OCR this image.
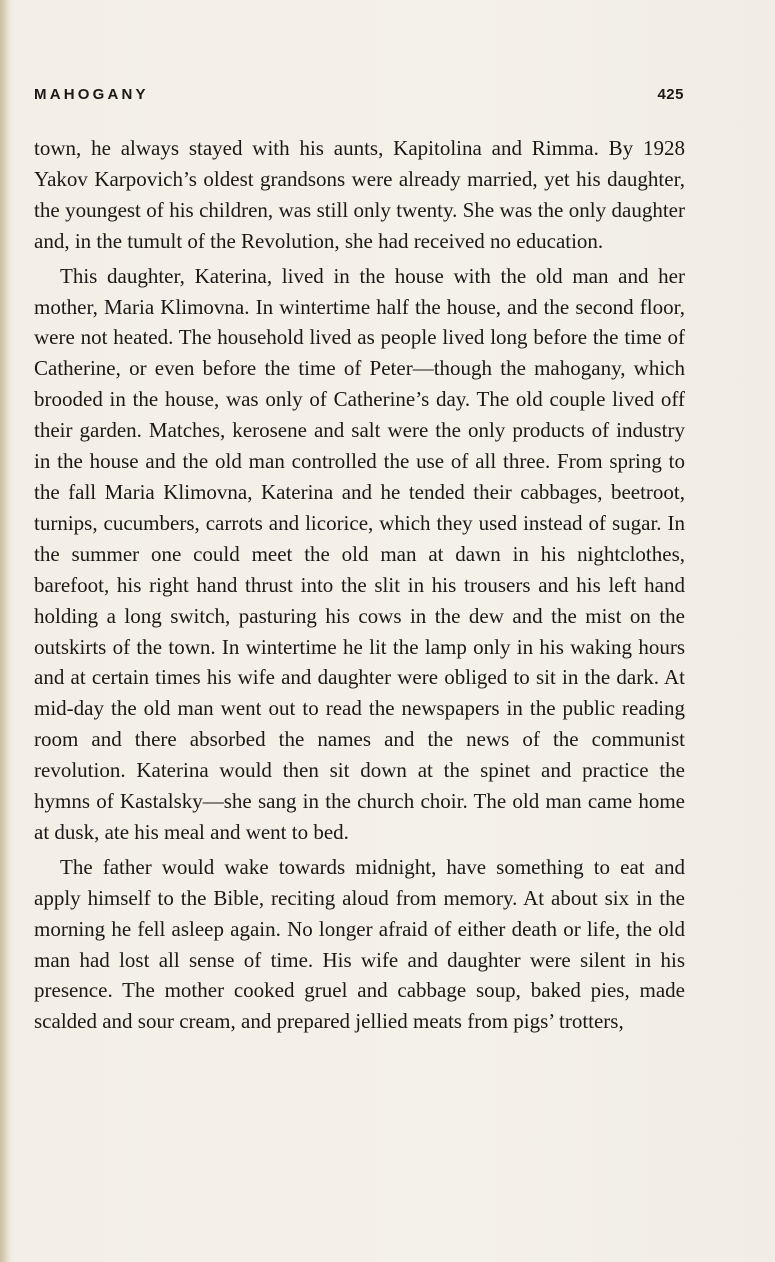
MAHOGANY	425

town, he always stayed with his aunts, Kapitolina and Rimma. By 1928 Yakov Karpovich’s oldest grandsons were already married, yet his daughter, the youngest of his children, was still only twenty. She was the only daughter and, in the tumult of the Revolution, she had received no education.

This daughter, Katerina, lived in the house with the old man and her mother, Maria Klimovna. In wintertime half the house, and the second floor, were not heated. The household lived as people lived long before the time of Catherine, or even before the time of Peter—though the mahogany, which brooded in the house, was only of Catherine’s day. The old couple lived off their garden. Matches, kerosene and salt were the only products of industry in the house and the old man controlled the use of all three. From spring to the fall Maria Klimovna, Katerina and he tended their cabbages, beetroot, turnips, cucumbers, carrots and licorice, which they used instead of sugar. In the summer one could meet the old man at dawn in his nightclothes, barefoot, his right hand thrust into the slit in his trousers and his left hand holding a long switch, pasturing his cows in the dew and the mist on the outskirts of the town. In wintertime he lit the lamp only in his waking hours and at certain times his wife and daughter were obliged to sit in the dark. At mid-day the old man went out to read the newspapers in the public reading room and there absorbed the names and the news of the communist revolution. Katerina would then sit down at the spinet and practice the hymns of Kastalsky—she sang in the church choir. The old man came home at dusk, ate his meal and went to bed.

The father would wake towards midnight, have something to eat and apply himself to the Bible, reciting aloud from memory. At about six in the morning he fell asleep again. No longer afraid of either death or life, the old man had lost all sense of time. His wife and daughter were silent in his presence. The mother cooked gruel and cabbage soup, baked pies, made scalded and sour cream, and prepared jellied meats from pigs’ trotters,
